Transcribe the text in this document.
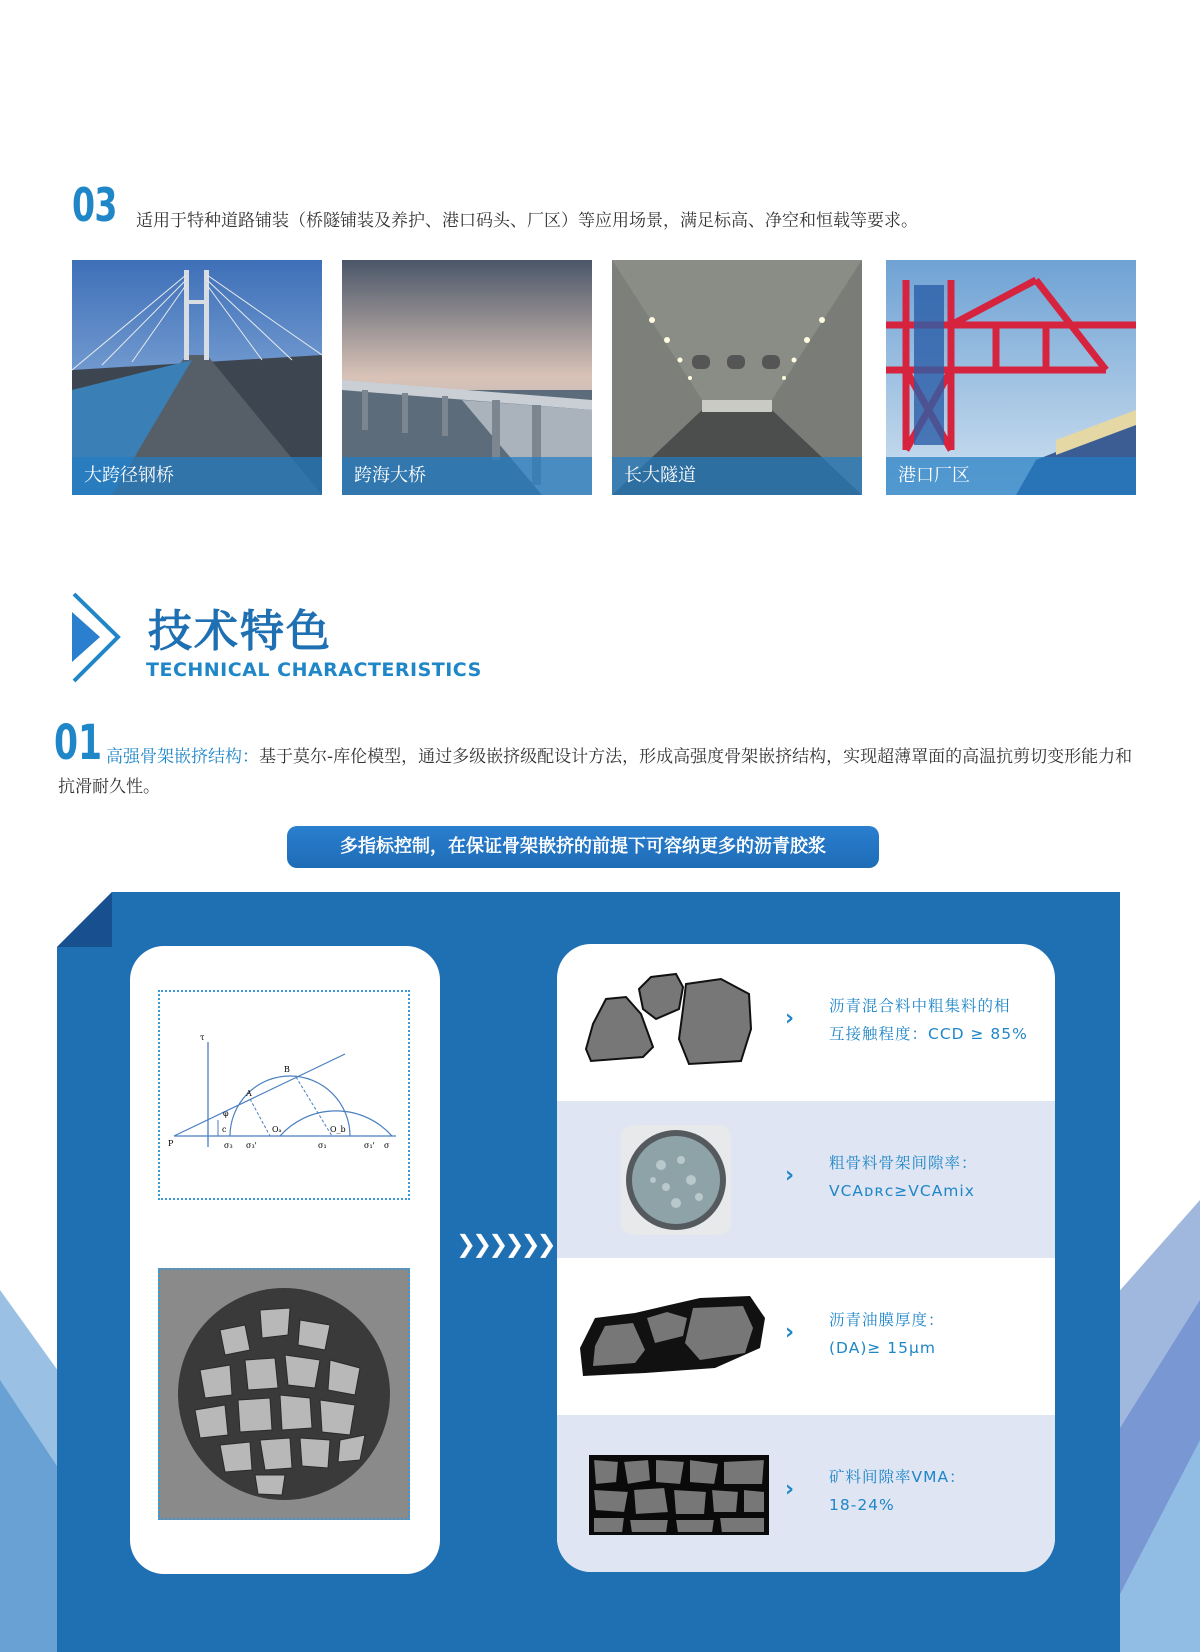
03 适用于特种道路铺装（桥隧铺装及养护、港口码头、厂区）等应用场景，满足标高、净空和恒载等要求。
大跨径钢桥	跨海大桥	长大隧道	港口厂区
技术特色
TECHNICAL CHARACTERISTICS
01 高强骨架嵌挤结构：基于莫尔-库伦模型，通过多级嵌挤级配设计方法，形成高强度骨架嵌挤结构，实现超薄罩面的高温抗剪切变形能力和抗滑耐久性。
多指标控制，在保证骨架嵌挤的前提下可容纳更多的沥青胶浆
τ
P
A
B
φ
c	Oₐ	O_b
σ₃ σ₃'	σ₁	σ₁' σ
❯❯❯❯❯❯
› 沥青混合料中粗集料的相
互接触程度：CCD ≥ 85%
› 粗骨料骨架间隙率：
VCAᴅʀᴄ≥VCAmix
› 沥青油膜厚度：
(DA)≥ 15μm
› 矿料间隙率VMA：
18-24%
